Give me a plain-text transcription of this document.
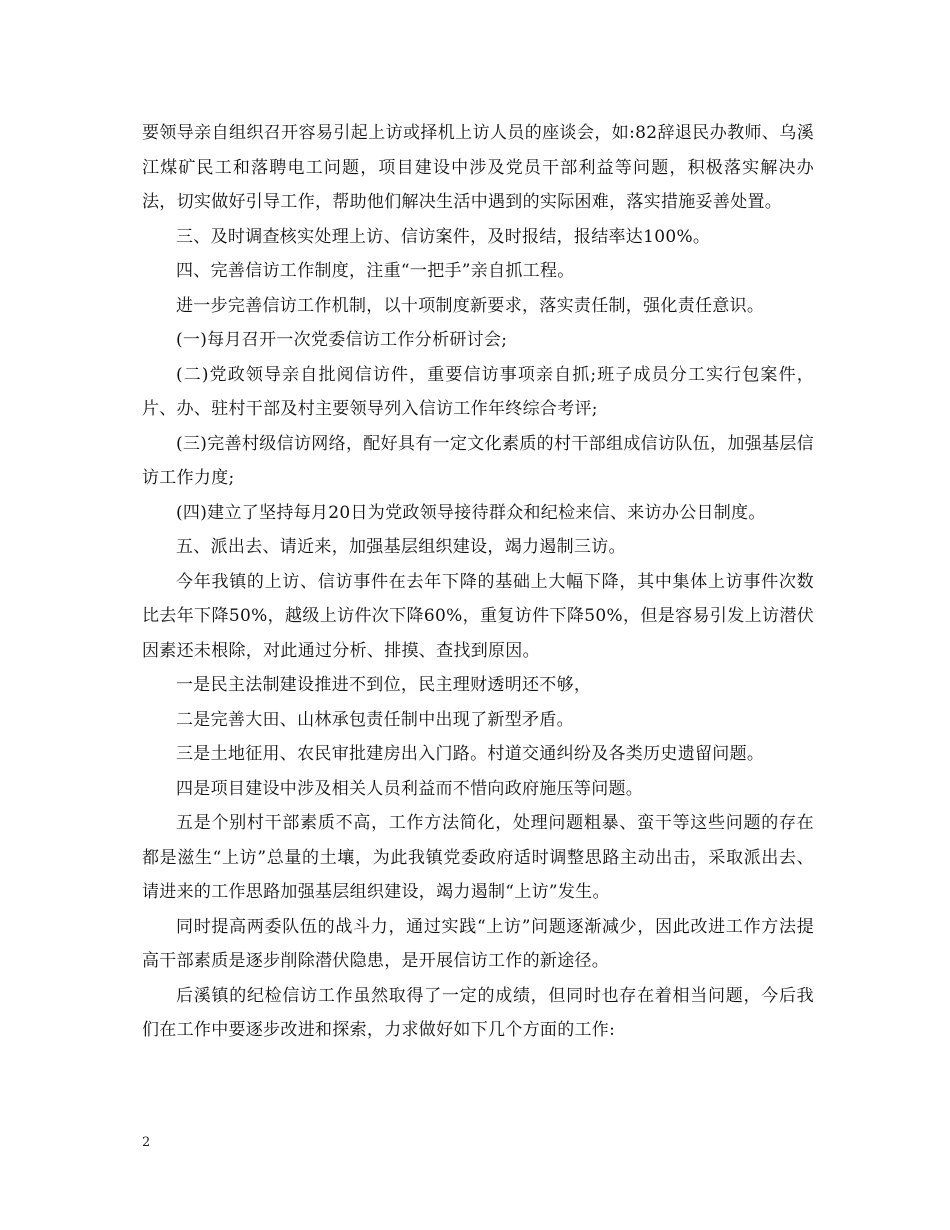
要领导亲自组织召开容易引起上访或择机上访人员的座谈会，如:82辞退民办教师、乌溪江煤矿民工和落聘电工问题，项目建设中涉及党员干部利益等问题，积极落实解决办法，切实做好引导工作，帮助他们解决生活中遇到的实际困难，落实措施妥善处置。

三、及时调查核实处理上访、信访案件，及时报结，报结率达100%。

四、完善信访工作制度，注重“一把手”亲自抓工程。

进一步完善信访工作机制，以十项制度新要求，落实责任制，强化责任意识。

(一)每月召开一次党委信访工作分析研讨会;

(二)党政领导亲自批阅信访件，重要信访事项亲自抓;班子成员分工实行包案件，片、办、驻村干部及村主要领导列入信访工作年终综合考评;

(三)完善村级信访网络，配好具有一定文化素质的村干部组成信访队伍，加强基层信访工作力度;

(四)建立了坚持每月20日为党政领导接待群众和纪检来信、来访办公日制度。

五、派出去、请近来，加强基层组织建设，竭力遏制三访。

今年我镇的上访、信访事件在去年下降的基础上大幅下降，其中集体上访事件次数比去年下降50%，越级上访件次下降60%，重复访件下降50%，但是容易引发上访潜伏因素还未根除，对此通过分析、排摸、查找到原因。

一是民主法制建设推进不到位，民主理财透明还不够，

二是完善大田、山林承包责任制中出现了新型矛盾。

三是土地征用、农民审批建房出入门路。村道交通纠纷及各类历史遗留问题。

四是项目建设中涉及相关人员利益而不惜向政府施压等问题。

五是个别村干部素质不高，工作方法简化，处理问题粗暴、蛮干等这些问题的存在都是滋生“上访”总量的土壤，为此我镇党委政府适时调整思路主动出击，采取派出去、请进来的工作思路加强基层组织建设，竭力遏制“上访”发生。

同时提高两委队伍的战斗力，通过实践“上访”问题逐渐减少，因此改进工作方法提高干部素质是逐步削除潜伏隐患，是开展信访工作的新途径。

后溪镇的纪检信访工作虽然取得了一定的成绩，但同时也存在着相当问题，今后我们在工作中要逐步改进和探索，力求做好如下几个方面的工作:

2
